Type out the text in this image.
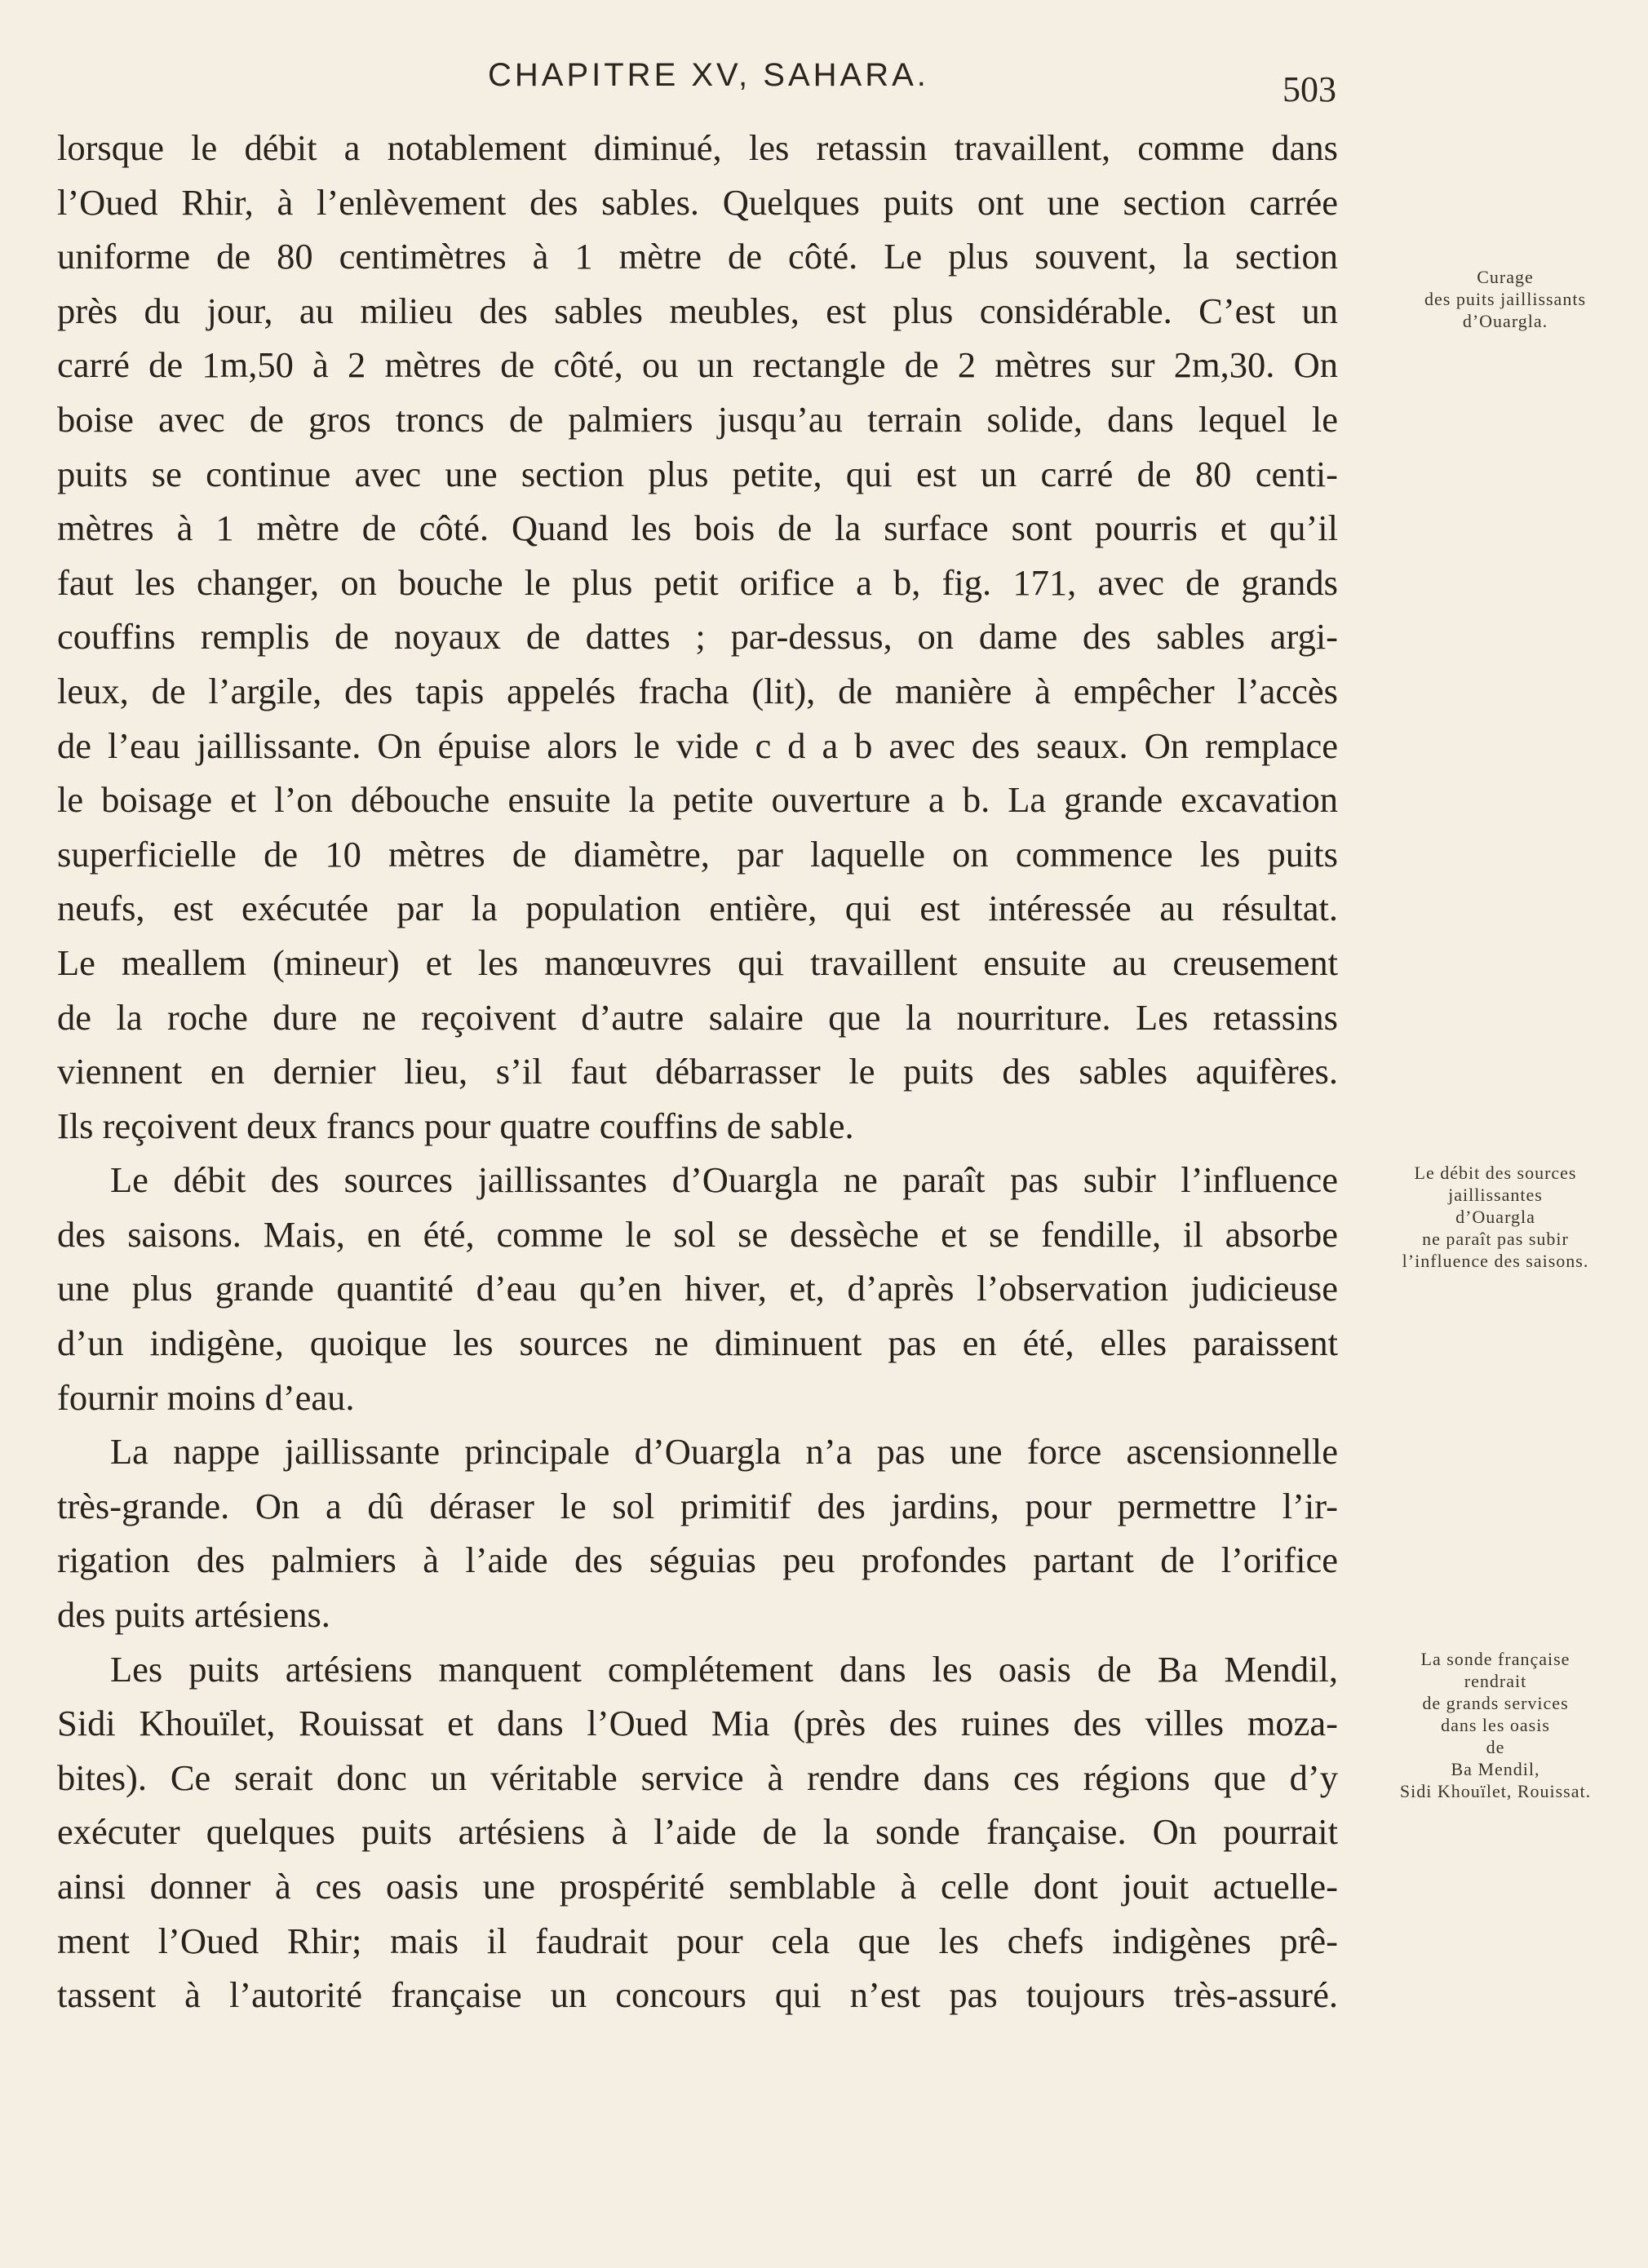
CHAPITRE XV, SAHARA.	503
lorsque le débit a notablement diminué, les retassin travaillent, comme dans
l’Oued Rhir, à l’enlèvement des sables. Quelques puits ont une section carrée
uniforme de 80 centimètres à 1 mètre de côté. Le plus souvent, la section
près du jour, au milieu des sables meubles, est plus considérable. C’est un
carré de 1m,50 à 2 mètres de côté, ou un rectangle de 2 mètres sur 2m,30. On
boise avec de gros troncs de palmiers jusqu’au terrain solide, dans lequel le
puits se continue avec une section plus petite, qui est un carré de 80 centi-
mètres à 1 mètre de côté. Quand les bois de la surface sont pourris et qu’il
faut les changer, on bouche le plus petit orifice a b, fig. 171, avec de grands
couffins remplis de noyaux de dattes ; par-dessus, on dame des sables argi-
leux, de l’argile, des tapis appelés fracha (lit), de manière à empêcher l’accès
de l’eau jaillissante. On épuise alors le vide c d a b avec des seaux. On remplace
le boisage et l’on débouche ensuite la petite ouverture a b. La grande excavation
superficielle de 10 mètres de diamètre, par laquelle on commence les puits
neufs, est exécutée par la population entière, qui est intéressée au résultat.
Le meallem (mineur) et les manœuvres qui travaillent ensuite au creusement
de la roche dure ne reçoivent d’autre salaire que la nourriture. Les retassins
viennent en dernier lieu, s’il faut débarrasser le puits des sables aquifères.
Ils reçoivent deux francs pour quatre couffins de sable.
Le débit des sources jaillissantes d’Ouargla ne paraît pas subir l’influence
des saisons. Mais, en été, comme le sol se dessèche et se fendille, il absorbe
une plus grande quantité d’eau qu’en hiver, et, d’après l’observation judicieuse
d’un indigène, quoique les sources ne diminuent pas en été, elles paraissent
fournir moins d’eau.
La nappe jaillissante principale d’Ouargla n’a pas une force ascensionnelle
très-grande. On a dû déraser le sol primitif des jardins, pour permettre l’ir-
rigation des palmiers à l’aide des séguias peu profondes partant de l’orifice
des puits artésiens.
Les puits artésiens manquent complétement dans les oasis de Ba Mendil,
Sidi Khouïlet, Rouissat et dans l’Oued Mia (près des ruines des villes moza-
bites). Ce serait donc un véritable service à rendre dans ces régions que d’y
exécuter quelques puits artésiens à l’aide de la sonde française. On pourrait
ainsi donner à ces oasis une prospérité semblable à celle dont jouit actuelle-
ment l’Oued Rhir; mais il faudrait pour cela que les chefs indigènes prê-
tassent à l’autorité française un concours qui n’est pas toujours très-assuré.
Curage
des puits jaillissants
d’Ouargla.
Le débit des sources
jaillissantes
d’Ouargla
ne paraît pas subir
l’influence des saisons.
La sonde française
rendrait
de grands services
dans les oasis
de
Ba Mendil,
Sidi Khouïlet, Rouissat.
